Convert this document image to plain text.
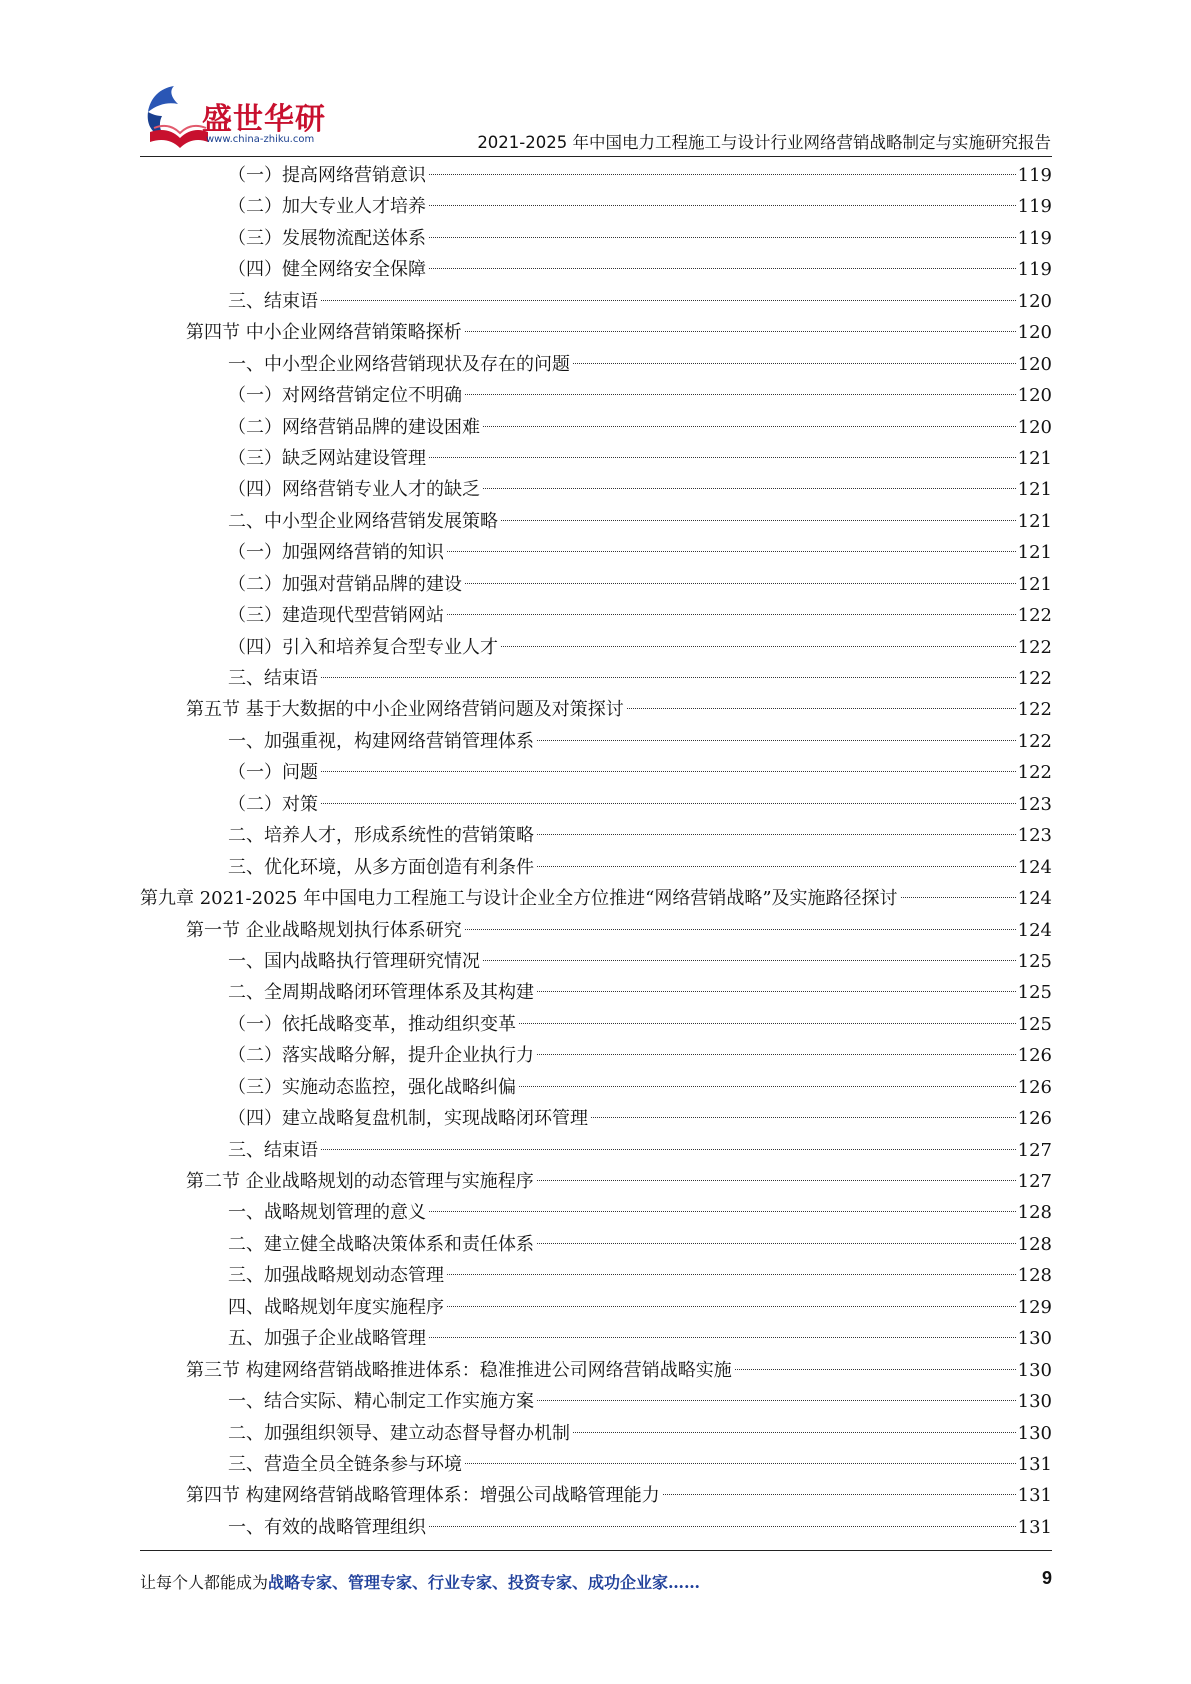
盛世华研
www.china-zhiku.com	2021-2025 年中国电力工程施工与设计行业网络营销战略制定与实施研究报告
（一）提高网络营销意识	119
（二）加大专业人才培养	119
（三）发展物流配送体系	119
（四）健全网络安全保障	119
三、结束语	120
第四节 中小企业网络营销策略探析	120
一、中小型企业网络营销现状及存在的问题	120
（一）对网络营销定位不明确	120
（二）网络营销品牌的建设困难	120
（三）缺乏网站建设管理	121
（四）网络营销专业人才的缺乏	121
二、中小型企业网络营销发展策略	121
（一）加强网络营销的知识	121
（二）加强对营销品牌的建设	121
（三）建造现代型营销网站	122
（四）引入和培养复合型专业人才	122
三、结束语	122
第五节 基于大数据的中小企业网络营销问题及对策探讨	122
一、加强重视，构建网络营销管理体系	122
（一）问题	122
（二）对策	123
二、培养人才，形成系统性的营销策略	123
三、优化环境，从多方面创造有利条件	124
第九章 2021-2025 年中国电力工程施工与设计企业全方位推进“网络营销战略”及实施路径探讨	124
第一节 企业战略规划执行体系研究	124
一、国内战略执行管理研究情况	125
二、全周期战略闭环管理体系及其构建	125
（一）依托战略变革，推动组织变革	125
（二）落实战略分解，提升企业执行力	126
（三）实施动态监控，强化战略纠偏	126
（四）建立战略复盘机制，实现战略闭环管理	126
三、结束语	127
第二节 企业战略规划的动态管理与实施程序	127
一、战略规划管理的意义	128
二、建立健全战略决策体系和责任体系	128
三、加强战略规划动态管理	128
四、战略规划年度实施程序	129
五、加强子企业战略管理	130
第三节 构建网络营销战略推进体系：稳准推进公司网络营销战略实施	130
一、结合实际、精心制定工作实施方案	130
二、加强组织领导、建立动态督导督办机制	130
三、营造全员全链条参与环境	131
第四节 构建网络营销战略管理体系：增强公司战略管理能力	131
一、有效的战略管理组织	131
让每个人都能成为战略专家、管理专家、行业专家、投资专家、成功企业家……	9
